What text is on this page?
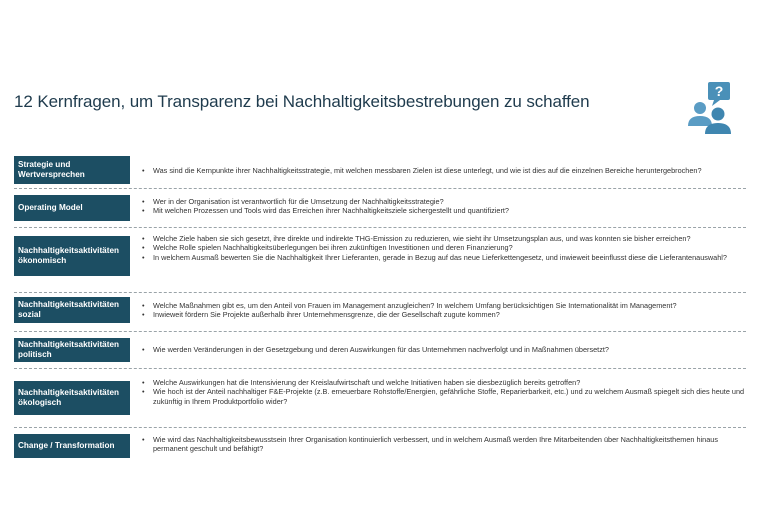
12 Kernfragen, um Transparenz bei Nachhaltigkeitsbestrebungen zu schaffen
?
Strategie und Wertversprechen
•	Was sind die Kernpunkte ihrer Nachhaltigkeitsstrategie, mit welchen messbaren Zielen ist diese unterlegt, und wie ist dies auf die einzelnen Bereiche heruntergebrochen?
Operating Model
• Wer in der Organisation ist verantwortlich für die Umsetzung der Nachhaltigkeitsstrategie?
• Mit welchen Prozessen und Tools wird das Erreichen ihrer Nachhaltigkeitsziele sichergestellt und quantifiziert?
Nachhaltigkeitsaktivitäten ökonomisch
• Welche Ziele haben sie sich gesetzt, ihre direkte und indirekte THG-Emission zu reduzieren, wie sieht ihr Umsetzungsplan aus, und was konnten sie bisher erreichen?
• Welche Rolle spielen Nachhaltigkeitsüberlegungen bei ihren zukünftigen Investitionen und deren Finanzierung?
• In welchem Ausmaß bewerten Sie die Nachhaltigkeit Ihrer Lieferanten, gerade in Bezug auf das neue Lieferkettengesetz, und inwieweit beeinflusst diese die Lieferantenauswahl?
Nachhaltigkeitsaktivitäten sozial
• Welche Maßnahmen gibt es, um den Anteil von Frauen im Management anzugleichen? In welchem Umfang berücksichtigen Sie Internationalität im Management?
• Inwieweit fördern Sie Projekte außerhalb ihrer Unternehmensgrenze, die der Gesellschaft zugute kommen?
Nachhaltigkeitsaktivitäten politisch
• Wie werden Veränderungen in der Gesetzgebung und deren Auswirkungen für das Unternehmen nachverfolgt und in Maßnahmen übersetzt?
Nachhaltigkeitsaktivitäten ökologisch
• Welche Auswirkungen hat die Intensivierung der Kreislaufwirtschaft und welche Initiativen haben sie diesbezüglich bereits getroffen?
• Wie hoch ist der Anteil nachhaltiger F&E-Projekte (z.B. erneuerbare Rohstoffe/Energien, gefährliche Stoffe, Reparierbarkeit, etc.) und zu welchem Ausmaß spiegelt sich dies heute und zukünftig in Ihrem Produktportfolio wider?
Change / Transformation
• Wie wird das Nachhaltigkeitsbewusstsein Ihrer Organisation kontinuierlich verbessert, und in welchem Ausmaß werden Ihre Mitarbeitenden über Nachhaltigkeitsthemen hinaus permanent geschult und befähigt?
